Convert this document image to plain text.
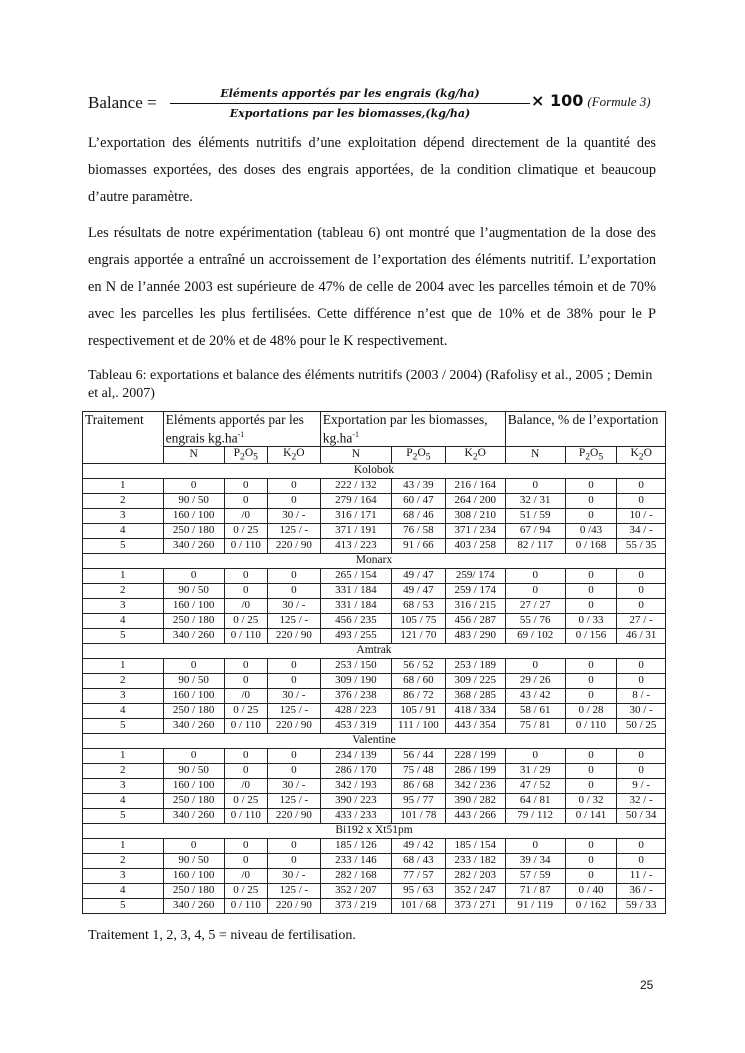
Balance =	Eléments apportés par les engrais (kg/ha)
Exportations par les biomasses,(kg/ha)
× 100 (Formule 3)

L’exportation des éléments nutritifs d’une exploitation dépend directement de la quantité des biomasses exportées, des doses des engrais apportées, de la condition climatique et beaucoup d’autre paramètre.

Les résultats de notre expérimentation (tableau 6) ont montré que l’augmentation de la dose des engrais apportée a entraîné un accroissement de l’exportation des éléments nutritif. L’exportation en N de l’année 2003 est supérieure de 47% de celle de 2004 avec les parcelles témoin et de 70% avec les parcelles les plus fertilisées. Cette différence n’est que de 10% et de 38% pour le P respectivement et de 20% et de 48% pour le K respectivement.

Tableau 6: exportations et balance des éléments nutritifs (2003 / 2004) (Rafolisy et al., 2005 ; Demin et al,. 2007)

Traitement	Eléments apportés par les engrais $kg.ha^{-1}$			Exportation par les biomasses, $kg.ha^{-1}$			Balance, % de l’exportation		
	N	$P_2O_5$	$K_2O$	N	$P_2O_5$	$K_2O$	N	$P_2O_5$	$K_2O$
Kolobok									
1	0	0	0	222 / 132	43 / 39	216 / 164	0	0	0
2	90 / 50	0	0	279 / 164	60 / 47	264 / 200	32 / 31	0	0
3	160 / 100	/0	30 / -	316 / 171	68 / 46	308 / 210	51 / 59	0	10 / -
4	250 / 180	0 / 25	125 / -	371 / 191	76 / 58	371 / 234	67 / 94	0 /43	34 / -
5	340 / 260	0 / 110	220 / 90	413 / 223	91 / 66	403 / 258	82 / 117	0 / 168	55 / 35
Monarx									
1	0	0	0	265 / 154	49 / 47	259/ 174	0	0	0
2	90 / 50	0	0	331 / 184	49 / 47	259 / 174	0	0	0
3	160 / 100	/0	30 / -	331 / 184	68 / 53	316 / 215	27 / 27	0	0
4	250 / 180	0 / 25	125 / -	456 / 235	105 / 75	456 / 287	55 / 76	0 / 33	27 / -
5	340 / 260	0 / 110	220 / 90	493 / 255	121 / 70	483 / 290	69 / 102	0 / 156	46 / 31
Amtrak									
1	0	0	0	253 / 150	56 / 52	253 / 189	0	0	0
2	90 / 50	0	0	309 / 190	68 / 60	309 / 225	29 / 26	0	0
3	160 / 100	/0	30 / -	376 / 238	86 / 72	368 / 285	43 / 42	0	8 / -
4	250 / 180	0 / 25	125 / -	428 / 223	105 / 91	418 / 334	58 / 61	0 / 28	30 / -
5	340 / 260	0 / 110	220 / 90	453 / 319	111 / 100	443 / 354	75 / 81	0 / 110	50 / 25
Valentine									
1	0	0	0	234 / 139	56 / 44	228 / 199	0	0	0
2	90 / 50	0	0	286 / 170	75 / 48	286 / 199	31 / 29	0	0
3	160 / 100	/0	30 / -	342 / 193	86 / 68	342 / 236	47 / 52	0	9 / -
4	250 / 180	0 / 25	125 / -	390 / 223	95 / 77	390 / 282	64 / 81	0 / 32	32 / -
5	340 / 260	0 / 110	220 / 90	433 / 233	101 / 78	443 / 266	79 / 112	0 / 141	50 / 34
Bi192 x Xt51pm									
1	0	0	0	185 / 126	49 / 42	185 / 154	0	0	0
2	90 / 50	0	0	233 / 146	68 / 43	233 / 182	39 / 34	0	0
3	160 / 100	/0	30 / -	282 / 168	77 / 57	282 / 203	57 / 59	0	11 / -
4	250 / 180	0 / 25	125 / -	352 / 207	95 / 63	352 / 247	71 / 87	0 / 40	36 / -
5	340 / 260	0 / 110	220 / 90	373 / 219	101 / 68	373 / 271	91 / 119	0 / 162	59 / 33

Traitement 1, 2, 3, 4, 5 = niveau de fertilisation.

25
